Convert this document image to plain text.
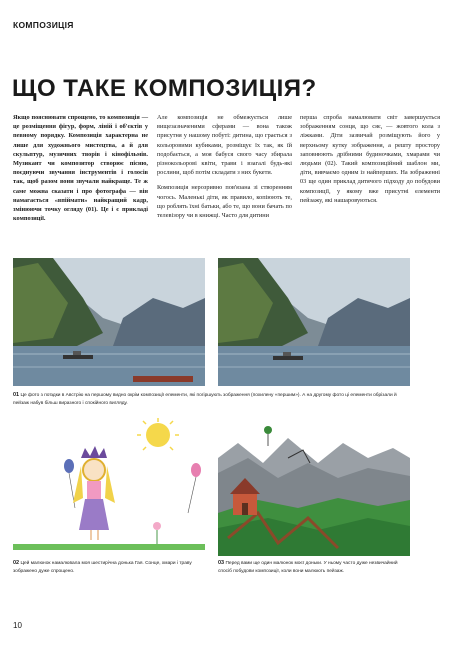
КОМПОЗИЦІЯ
ЩО ТАКЕ КОМПОЗИЦІЯ?

Якщо пояснювати спрощено, то композиція — це розміщення фігур, форм, ліній і об'єктів у певному порядку. Композиція характерна не лише для художнього мистецтва, а й для скульптур, музичних творів і кінофільмів. Музикант чи композитор створює пісню, поєднуючи звучання інструментів і голосів так, щоб разом вони звучали найкраще. Те ж саме можна сказати і про фотографа — він намагається «впіймати» найкращий кадр, змінюючи точку огляду (01). Це і є прикладі композиції.

Але композиція не обмежується лише вищезазначеними сферами — вона також присутня у нашому побуті: дитина, що грається з кольоровими кубиками, розміщує їх так, як їй подобається, а моя бабуся свого часу збирала різнокольорові квіти, трави і взагалі будь-які рослини, щоб потім складати з них букети.

Композиція нерозривно пов'язана зі створенням чогось. Маленькі діти, як правило, копіюють те, що роблять їхні батьки, або те, що вони бачать по телевізору чи в книжці. Часто для дитини

перша спроба намалювати світ завершується зображенням сонця, що сяє, — жовтого кола з ліжками. Діти зазвичай розміщують його у верхньому кутку зображення, а решту простору заповнюють дрібними будиночками, хмарами чи людьми (02). Такий композиційний шаблон ми, діти, вивчаємо одним із найперших. На зображенні 03 ще один приклад дитячого підходу до побудови композиції, у якому вже присутні елементи пейзажу, які нашаровуються.

01 Це фото з поїздки в Австрію на першому видно окрім композиції елементи, які погіршують зображення (похилену «першим»). А на другому фото ці елементи обрізали й пейзаж набув більш виразного і спокійного вигляду.
02 Цей малюнок намалювала моя шестирічна донька Гая. Сонце, хмари і траву зображено дуже спрощено.
03 Перед вами ще один малюнок моєї доньки. У ньому часто дуже незвичайний спосіб побудови композиції, коли вони малюють пейзаж.
10
